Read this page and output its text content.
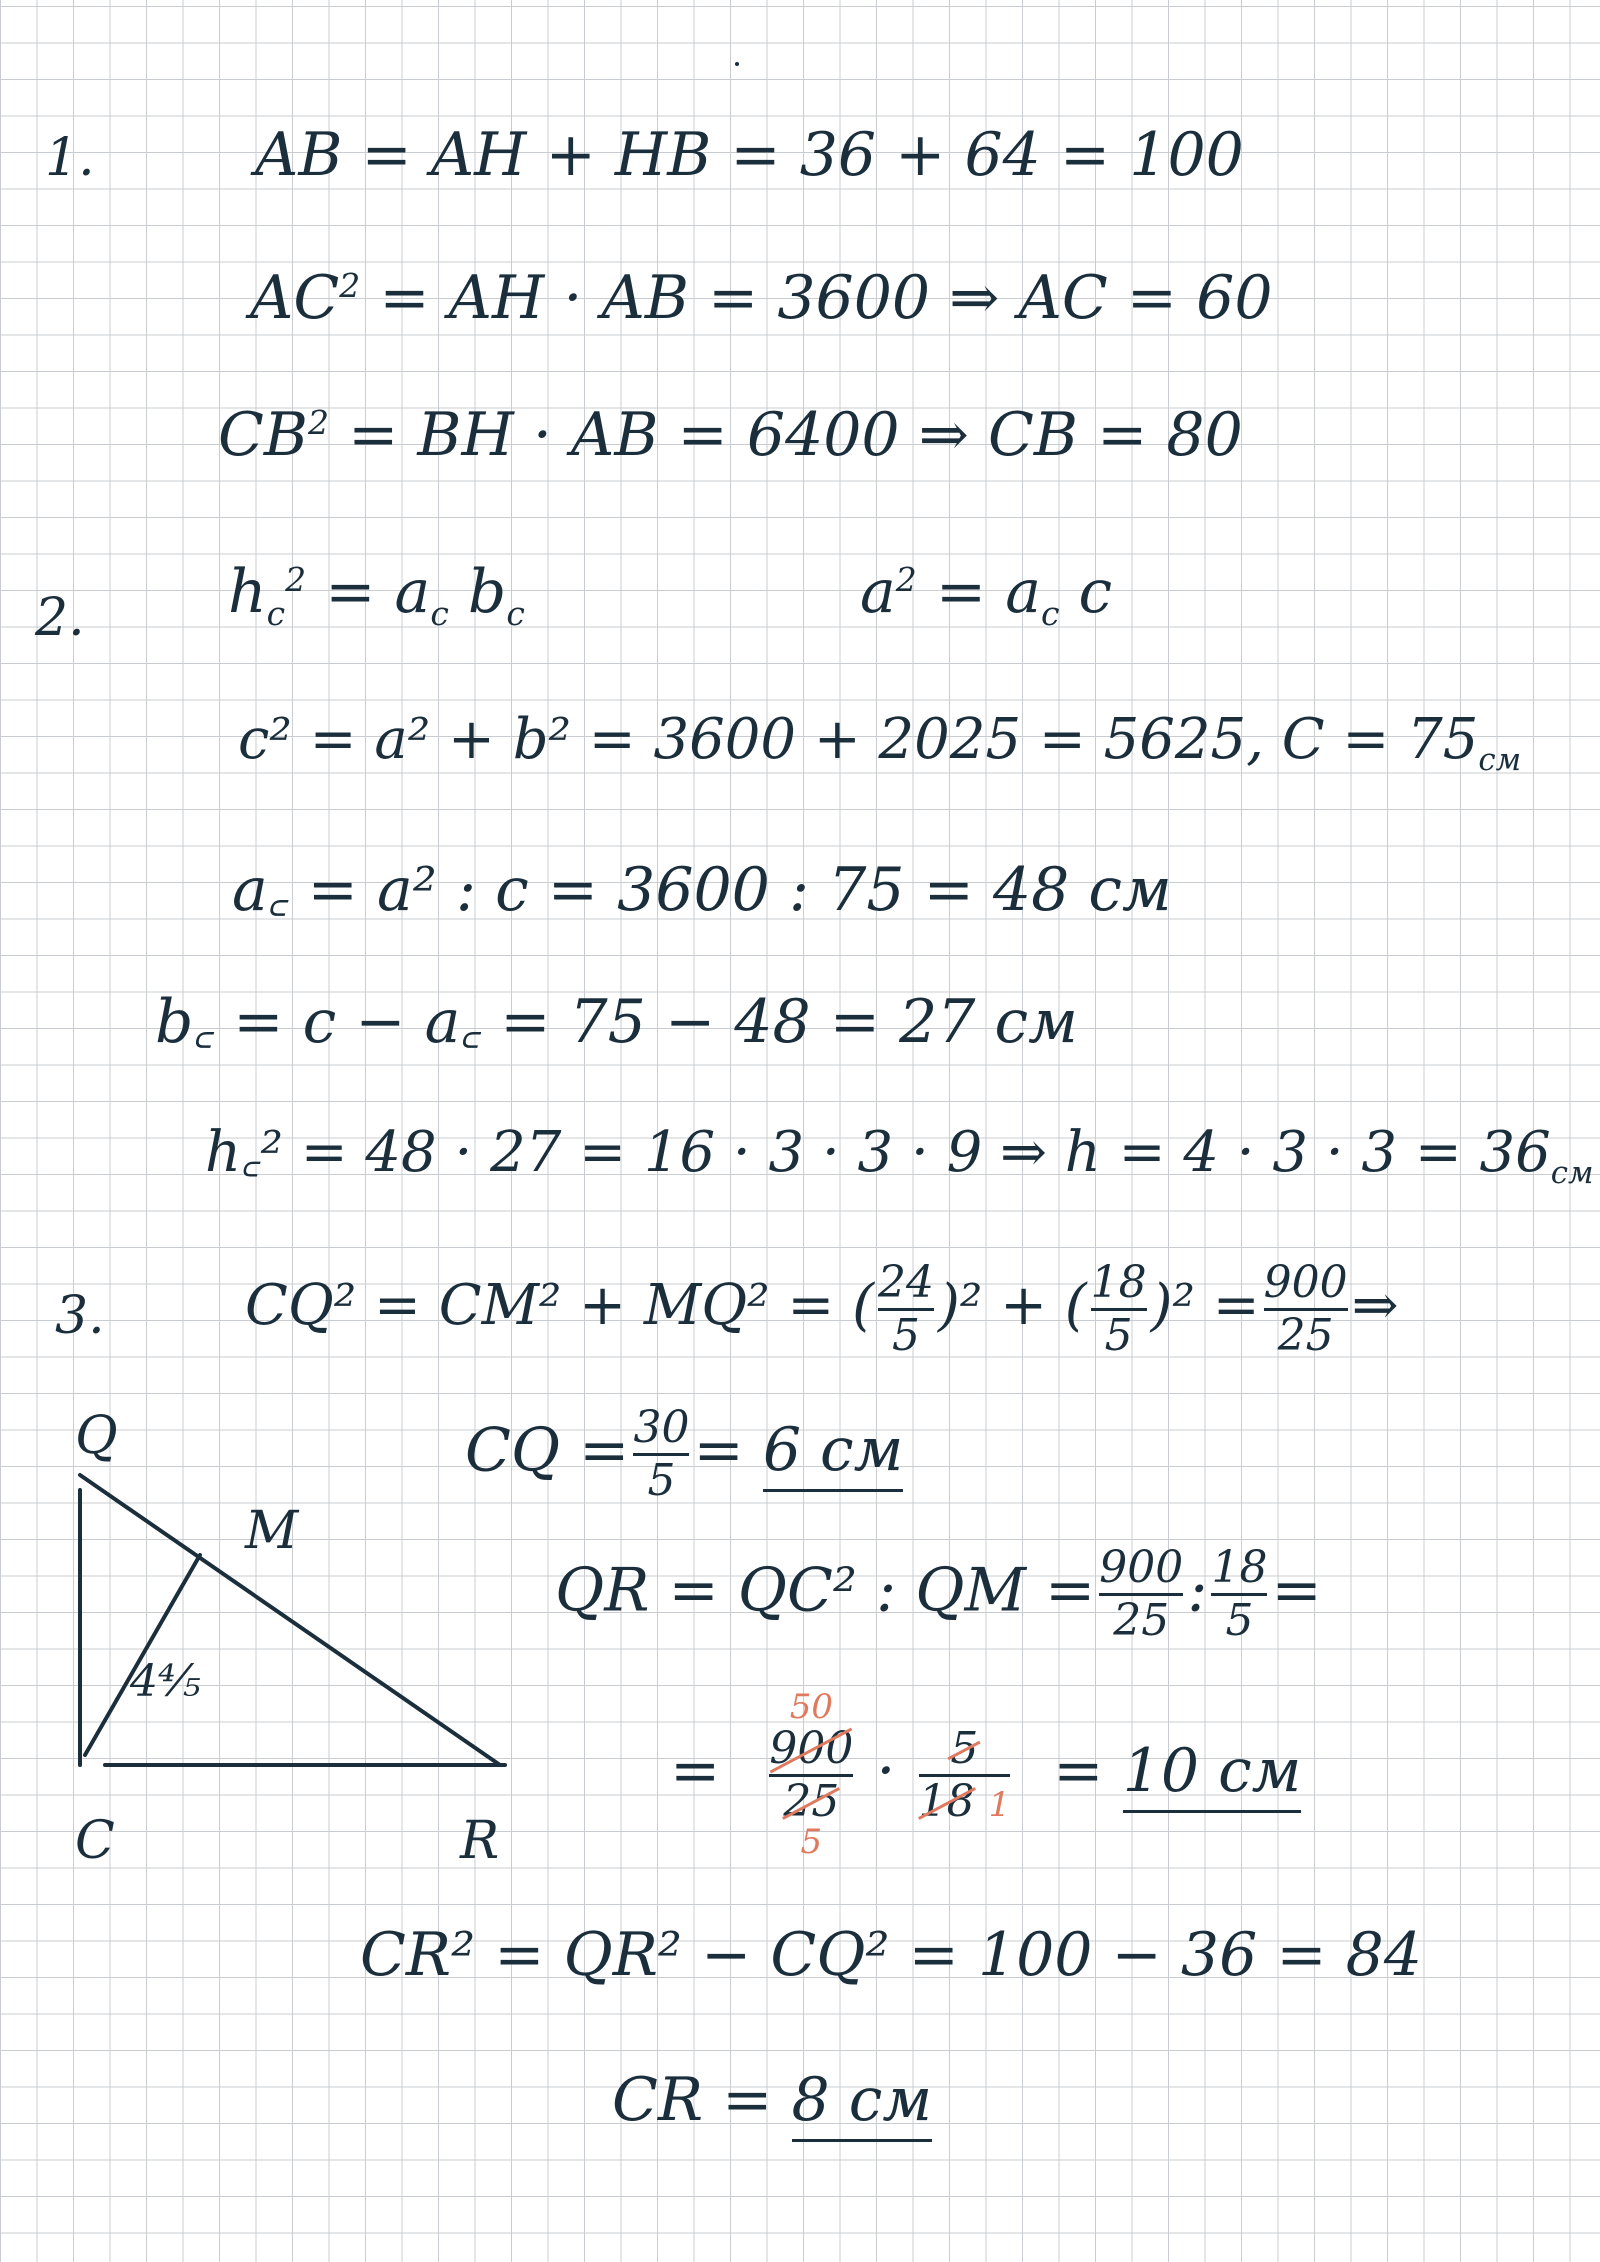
1.	AB = AH + HB = 36 + 64 = 100
$AC^2$ = AH · AB = 3600 ⇒ AC = 60
$CB^2$ = BH · AB = 6400 ⇒ CB = 80
2. $h_c^2 = a_c$ $b_c$	$a^2 = a_c$ c
c² = a² + b² = 3600 + 2025 = 5625, $C = 75_{см}$
a꜀ = a² : c = 3600 : 75 = 48 см
b꜀ = c − a꜀ = 75 − 48 = 27 см
h꜀² = 48 · 27 = 16 · 3 · 3 · 9 ⇒ $h = 4 \cdot 3 \cdot 3 = 36_{см}$
3.	CQ² = CM² + MQ² = ( $\frac{24}{5} )^2$ + ( $\frac{18}{5} )^2 = \frac{900}{25}$ ⇒
CQ = $\frac{30}{5} = 6$ см
QR = QC² : QM = $\frac{900}{25}$ : $\frac{18}{5}$ =
=
50
900
25
5
· $\frac{5}{18 1} = 10$ см
CR² = QR² − CQ² = 100 − 36 = 84
CR = 8 см
Q
M
C	R
4⅘
